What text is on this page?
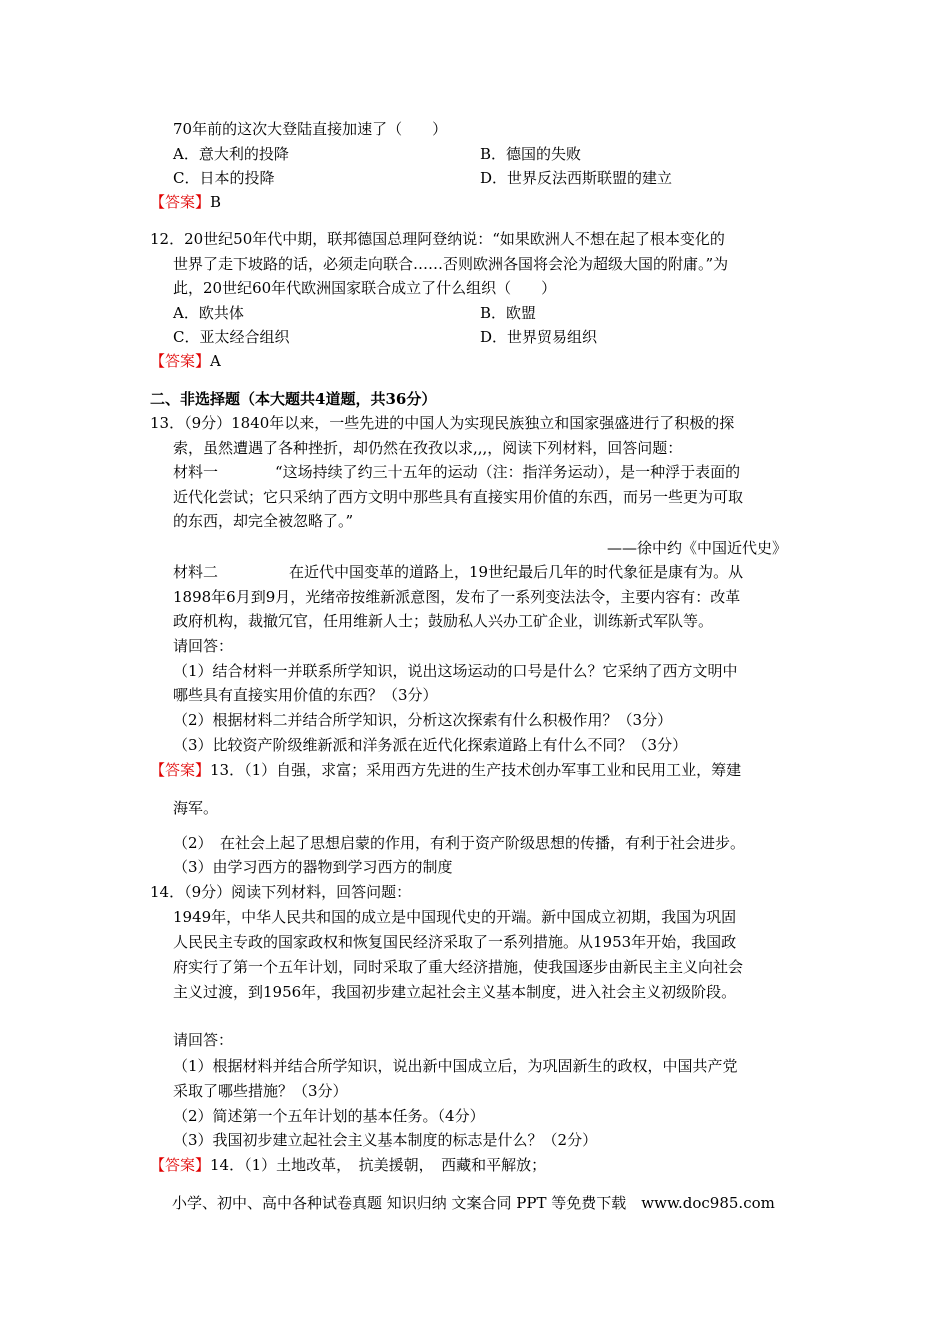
70年前的这次大登陆直接加速了（　　）
A．意大利的投降	B．德国的失败
C．日本的投降	D．世界反法西斯联盟的建立
【答案】B
12．20世纪50年代中期，联邦德国总理阿登纳说：“如果欧洲人不想在起了根本变化的
世界了走下坡路的话，必须走向联合……否则欧洲各国将会沦为超级大国的附庸。”为
此，20世纪60年代欧洲国家联合成立了什么组织（　　）
A．欧共体	B．欧盟
C．亚太经合组织	D．世界贸易组织
【答案】A
二、非选择题（本大题共4道题，共36分）
13．（9分）1840年以来，一些先进的中国人为实现民族独立和国家强盛进行了积极的探
索，虽然遭遇了各种挫折，却仍然在孜孜以求,,,，阅读下列材料，回答问题：
材料一	“这场持续了约三十五年的运动（注：指洋务运动），是一种浮于表面的
近代化尝试；它只采纳了西方文明中那些具有直接实用价值的东西，而另一些更为可取
的东西，却完全被忽略了。”
——徐中约《中国近代史》
材料二	在近代中国变革的道路上，19世纪最后几年的时代象征是康有为。从
1898年6月到9月，光绪帝按维新派意图，发布了一系列变法法令，主要内容有：改革
政府机构，裁撤冗官，任用维新人士；鼓励私人兴办工矿企业，训练新式军队等。
请回答：
（1）结合材料一并联系所学知识，说出这场运动的口号是什么？它采纳了西方文明中
哪些具有直接实用价值的东西？（3分）
（2）根据材料二并结合所学知识，分析这次探索有什么积极作用？（3分）
（3）比较资产阶级维新派和洋务派在近代化探索道路上有什么不同？（3分）
【答案】13．（1）自强，求富；采用西方先进的生产技术创办军事工业和民用工业，筹建
海军。
（2）　在社会上起了思想启蒙的作用，有利于资产阶级思想的传播，有利于社会进步。
（3）由学习西方的器物到学习西方的制度
14．（9分）阅读下列材料，回答问题：
1949年，中华人民共和国的成立是中国现代史的开端。新中国成立初期，我国为巩固
人民民主专政的国家政权和恢复国民经济采取了一系列措施。从1953年开始，我国政
府实行了第一个五年计划，同时采取了重大经济措施，使我国逐步由新民主主义向社会
主义过渡，到1956年，我国初步建立起社会主义基本制度，进入社会主义初级阶段。
请回答：
（1）根据材料并结合所学知识，说出新中国成立后，为巩固新生的政权，中国共产党
采取了哪些措施？（3分）
（2）简述第一个五年计划的基本任务。（4分）
（3）我国初步建立起社会主义基本制度的标志是什么？（2分）
【答案】14．（1）土地改革，　抗美援朝，　西藏和平解放；
小学、初中、高中各种试卷真题 知识归纳 文案合同 PPT 等免费下载　www.doc985.com
